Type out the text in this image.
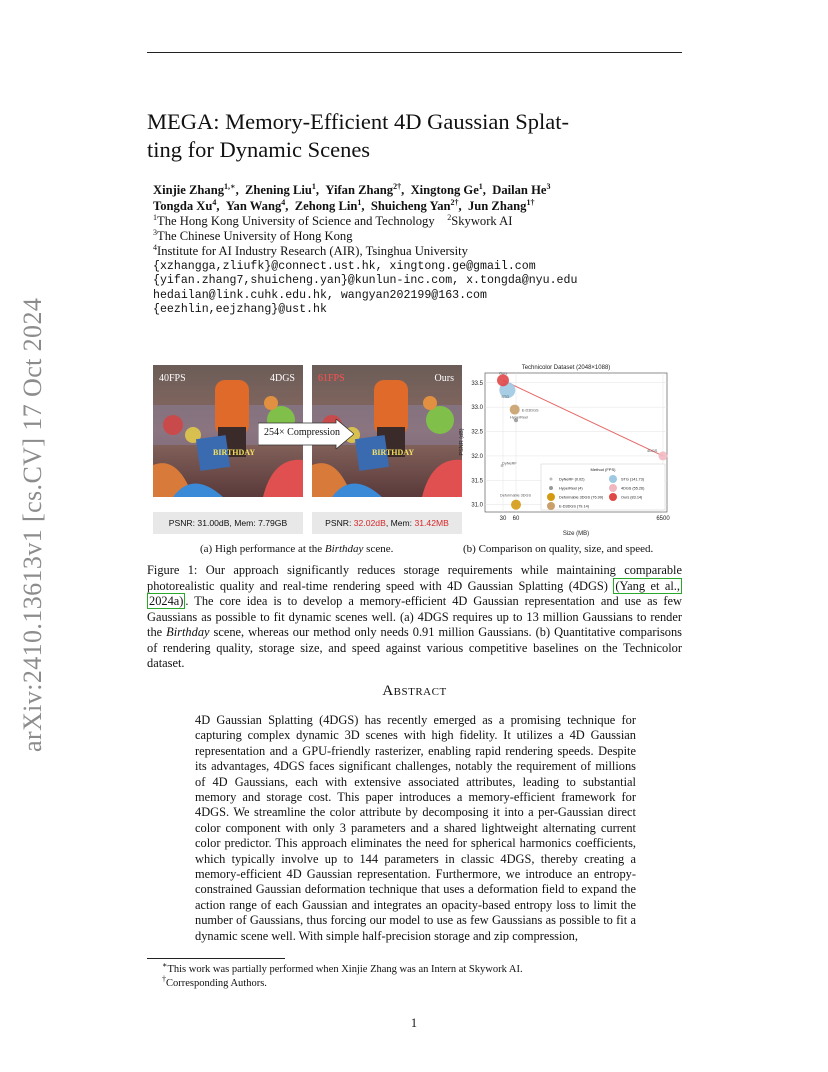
arXiv:2410.13613v1 [cs.CV] 17 Oct 2024
MEGA: Memory-Efficient 4D Gaussian Splat-
ting for Dynamic Scenes
Xinjie Zhang$^{1,∗}$,  Zhening Liu$^1$,  Yifan Zhang$^{2\dagger}$,  Xingtong Ge$^1$,  Dailan He$^3$
Tongda Xu$^4$,  Yan Wang$^4$,  Zehong Lin$^1$,  Shuicheng Yan$^{2\dagger}$,  Jun Zhang$^{1\dagger}$
$^1$The Hong Kong University of Science and Technology $^2$Skywork AI
$^3$The Chinese University of Hong Kong
$^4$Institute for AI Industry Research (AIR), Tsinghua University
{xzhangga,zliufk}@connect.ust.hk, xingtong.ge@gmail.com
{yifan.zhang7,shuicheng.yan}@kunlun-inc.com, x.tongda@nyu.edu
hedailan@link.cuhk.edu.hk, wangyan202199@163.com
{eezhlin,eejzhang}@ust.hk
BIRTHDAY
40FPS	4DGS
BIRTHDAY
61FPS	Ours
254× Compression
PSNR: 31.00dB, Mem: 7.79GB	PSNR: 32.02dB, Mem: 31.42MB
Technicolor Dataset (2048×1088)
31.0
31.5
32.0
32.5
33.0
33.5
30 60	6500
Size (MB)
PSNR (dB)
DyNeRF
HyperReel
Deformable 3DGS
E-D3DGS
STG
4DGS
Ours
Method (FPS)
DyNeRF (0.02)	STG (141.73)
HyperReel (4)	4DGS (55.26)
Deformable 3DGS (76.99)	Ours (83.14)
E-D3DGS (79.14)
(a) High performance at the Birthday scene.	(b) Comparison on quality, size, and speed.
Figure 1: Our approach significantly reduces storage requirements while maintaining comparable photorealistic quality and real-time rendering speed with 4D Gaussian Splatting (4DGS) (Yang et al., 2024a) . The core idea is to develop a memory-efficient 4D Gaussian representation and use as few Gaussians as possible to fit dynamic scenes well. (a) 4DGS requires up to 13 million Gaussians to render the Birthday scene, whereas our method only needs 0.91 million Gaussians. (b) Quantitative comparisons of rendering quality, storage size, and speed against various competitive baselines on the Technicolor dataset.
Abstract
4D Gaussian Splatting (4DGS) has recently emerged as a promising technique for capturing complex dynamic 3D scenes with high fidelity. It utilizes a 4D Gaussian representation and a GPU-friendly rasterizer, enabling rapid rendering speeds. Despite its advantages, 4DGS faces significant challenges, notably the requirement of millions of 4D Gaussians, each with extensive associated attributes, leading to substantial memory and storage cost. This paper introduces a memory-efficient framework for 4DGS. We streamline the color attribute by decomposing it into a per-Gaussian direct color component with only 3 parameters and a shared lightweight alternating current color predictor. This approach eliminates the need for spherical harmonics coefficients, which typically involve up to 144 parameters in classic 4DGS, thereby creating a memory-efficient 4D Gaussian representation. Furthermore, we introduce an entropy-constrained Gaussian deformation technique that uses a deformation field to expand the action range of each Gaussian and integrates an opacity-based entropy loss to limit the number of Gaussians, thus forcing our model to use as few Gaussians as possible to fit a dynamic scene well. With simple half-precision storage and zip compression,
∗This work was partially performed when Xinjie Zhang was an Intern at Skywork AI.
†Corresponding Authors.
1
